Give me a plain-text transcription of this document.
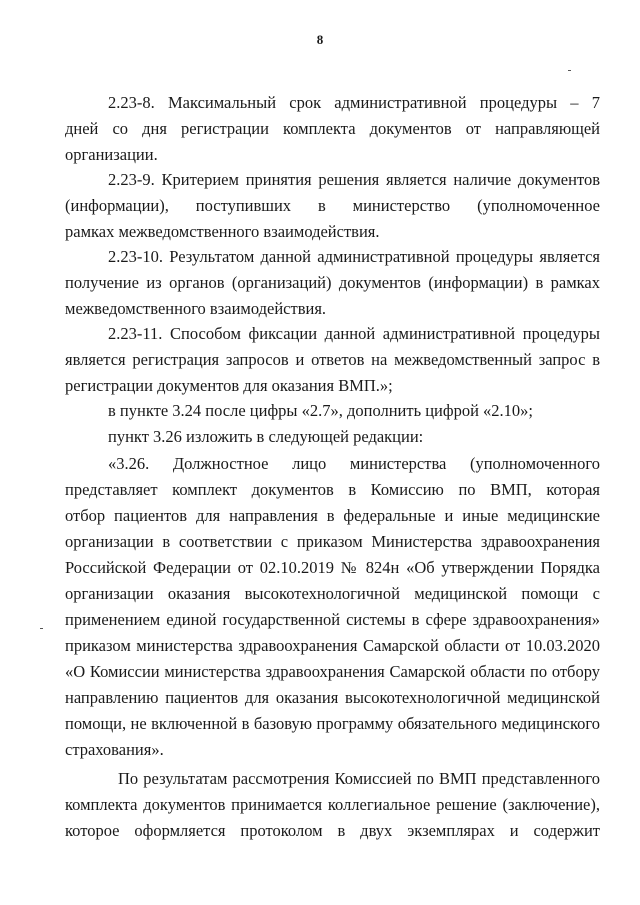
8

2.23-8. Максимальный срок административной процедуры – 7

дней со дня регистрации комплекта документов от направляющей

организации.

2.23-9. Критерием принятия решения является наличие документов

(информации), поступивших в министерство (уполномоченное

рамках межведомственного взаимодействия.

2.23-10. Результатом данной административной процедуры является

получение из органов (организаций) документов (информации) в рамках

межведомственного взаимодействия.

2.23-11. Способом фиксации данной административной процедуры

является регистрация запросов и ответов на межведомственный запрос в

регистрации документов для оказания ВМП.»;

в пункте 3.24 после цифры «2.7», дополнить цифрой «2.10»;

пункт 3.26 изложить в следующей редакции:

«3.26. Должностное лицо министерства (уполномоченного

представляет комплект документов в Комиссию по ВМП, которая

отбор пациентов для направления в федеральные и иные медицинские

организации в соответствии с приказом Министерства здравоохранения

Российской Федерации от 02.10.2019 № 824н «Об утверждении Порядка

организации оказания высокотехнологичной медицинской помощи с

применением единой государственной системы в сфере здравоохранения»

приказом министерства здравоохранения Самарской области от 10.03.2020

«О Комиссии министерства здравоохранения Самарской области по отбору

направлению пациентов для оказания высокотехнологичной медицинской

помощи, не включенной в базовую программу обязательного медицинского

страхования».

По результатам рассмотрения Комиссией по ВМП представленного

комплекта документов принимается коллегиальное решение (заключение),

которое оформляется протоколом в двух экземплярах и содержит
